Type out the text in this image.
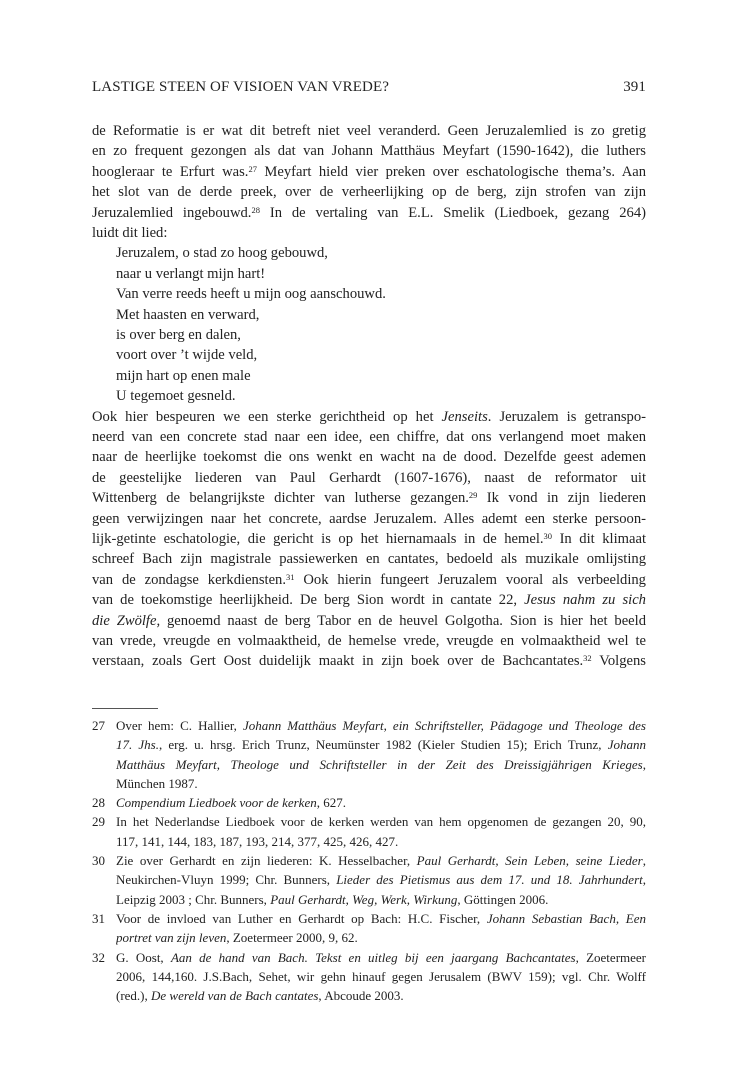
LASTIGE STEEN OF VISIOEN VAN VREDE?	391
de Reformatie is er wat dit betreft niet veel veranderd. Geen Jeruzalemlied is zo gretig
en zo frequent gezongen als dat van Johann Matthäus Meyfart (1590-1642), die luthers
hoogleraar te Erfurt was.$^{27}$ Meyfart hield vier preken over eschatologische thema’s. Aan
het slot van de derde preek, over de verheerlijking op de berg, zijn strofen van zijn
Jeruzalemlied ingebouwd.$^{28}$ In de vertaling van E.L. Smelik (Liedboek, gezang 264)
luidt dit lied:
Jeruzalem, o stad zo hoog gebouwd,
naar u verlangt mijn hart!
Van verre reeds heeft u mijn oog aanschouwd.
Met haasten en verward,
is over berg en dalen,
voort over ’t wijde veld,
mijn hart op enen male
U tegemoet gesneld.
Ook hier bespeuren we een sterke gerichtheid op het Jenseits. Jeruzalem is getranspo-
neerd van een concrete stad naar een idee, een chiffre, dat ons verlangend moet maken
naar de heerlijke toekomst die ons wenkt en wacht na de dood. Dezelfde geest ademen
de geestelijke liederen van Paul Gerhardt (1607-1676), naast de reformator uit
Wittenberg de belangrijkste dichter van lutherse gezangen.$^{29}$ Ik vond in zijn liederen
geen verwijzingen naar het concrete, aardse Jeruzalem. Alles ademt een sterke persoon-
lijk-getinte eschatologie, die gericht is op het hiernamaals in de hemel.$^{30}$ In dit klimaat
schreef Bach zijn magistrale passiewerken en cantates, bedoeld als muzikale omlijsting
van de zondagse kerkdiensten.$^{31}$ Ook hierin fungeert Jeruzalem vooral als verbeelding
van de toekomstige heerlijkheid. De berg Sion wordt in cantate 22, Jesus nahm zu sich
die Zwölfe, genoemd naast de berg Tabor en de heuvel Golgotha. Sion is hier het beeld
van vrede, vreugde en volmaaktheid, de hemelse vrede, vreugde en volmaaktheid wel te
verstaan, zoals Gert Oost duidelijk maakt in zijn boek over de Bachcantates.$^{32}$ Volgens
27 Over hem: C. Hallier, Johann Matthäus Meyfart, ein Schriftsteller, Pädagoge und Theologe des
17. Jhs., erg. u. hrsg. Erich Trunz, Neumünster 1982 (Kieler Studien 15); Erich Trunz, Johann
Matthäus Meyfart, Theologe und Schriftsteller in der Zeit des Dreissigjährigen Krieges,
München 1987.
28 Compendium Liedboek voor de kerken, 627.
29 In het Nederlandse Liedboek voor de kerken werden van hem opgenomen de gezangen 20, 90,
117, 141, 144, 183, 187, 193, 214, 377, 425, 426, 427.
30 Zie over Gerhardt en zijn liederen: K. Hesselbacher, Paul Gerhardt, Sein Leben, seine Lieder,
Neukirchen-Vluyn 1999; Chr. Bunners, Lieder des Pietismus aus dem 17. und 18. Jahrhundert,
Leipzig 2003 ; Chr. Bunners, Paul Gerhardt, Weg, Werk, Wirkung, Göttingen 2006.
31 Voor de invloed van Luther en Gerhardt op Bach: H.C. Fischer, Johann Sebastian Bach, Een
portret van zijn leven, Zoetermeer 2000, 9, 62.
32 G. Oost, Aan de hand van Bach. Tekst en uitleg bij een jaargang Bachcantates, Zoetermeer
2006, 144,160. J.S.Bach, Sehet, wir gehn hinauf gegen Jerusalem (BWV 159); vgl. Chr. Wolff
(red.), De wereld van de Bach cantates, Abcoude 2003.
